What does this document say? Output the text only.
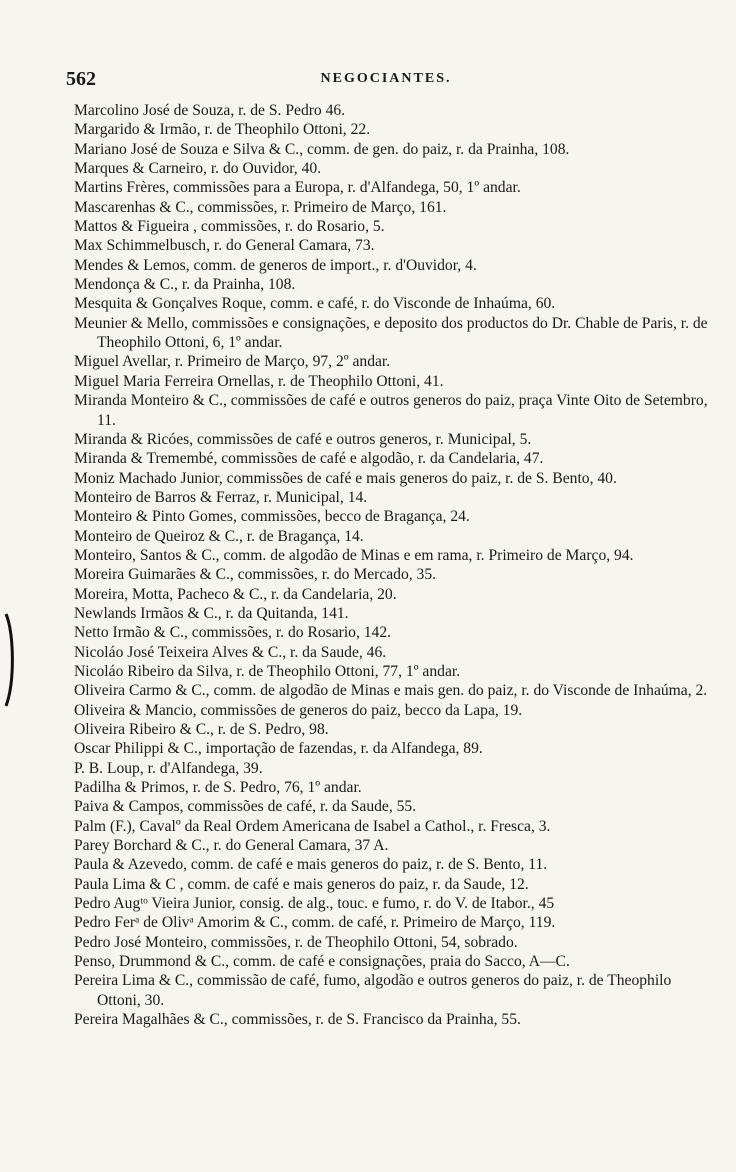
562	NEGOCIANTES.

Marcolino José de Souza, r. de S. Pedro 46.

Margarido & Irmão, r. de Theophilo Ottoni, 22.

Mariano José de Souza e Silva & C., comm. de gen. do paiz, r. da Prainha, 108.

Marques & Carneiro, r. do Ouvidor, 40.

Martins Frères, commissões para a Europa, r. d'Alfandega, 50, 1º andar.

Mascarenhas & C., commissões, r. Primeiro de Março, 161.

Mattos & Figueira , commissões, r. do Rosario, 5.

Max Schimmelbusch, r. do General Camara, 73.

Mendes & Lemos, comm. de generos de import., r. d'Ouvidor, 4.

Mendonça & C., r. da Prainha, 108.

Mesquita & Gonçalves Roque, comm. e café, r. do Visconde de Inhaúma, 60.

Meunier & Mello, commissões e consignações, e deposito dos productos do Dr. Chable de Paris, r. de Theophilo Ottoni, 6, 1º andar.

Miguel Avellar, r. Primeiro de Março, 97, 2º andar.

Miguel Maria Ferreira Ornellas, r. de Theophilo Ottoni, 41.

Miranda Monteiro & C., commissões de café e outros generos do paiz, praça Vinte Oito de Setembro, 11.

Miranda & Ricóes, commissões de café e outros generos, r. Municipal, 5.

Miranda & Tremembé, commissões de café e algodão, r. da Candelaria, 47.

Moniz Machado Junior, commissões de café e mais generos do paiz, r. de S. Bento, 40.

Monteiro de Barros & Ferraz, r. Municipal, 14.

Monteiro & Pinto Gomes, commissões, becco de Bragança, 24.

Monteiro de Queiroz & C., r. de Bragança, 14.

Monteiro, Santos & C., comm. de algodão de Minas e em rama, r. Primeiro de Março, 94.

Moreira Guimarães & C., commissões, r. do Mercado, 35.

Moreira, Motta, Pacheco & C., r. da Candelaria, 20.

Newlands Irmãos & C., r. da Quitanda, 141.

Netto Irmão & C., commissões, r. do Rosario, 142.

Nicoláo José Teixeira Alves & C., r. da Saude, 46.

Nicoláo Ribeiro da Silva, r. de Theophilo Ottoni, 77, 1º andar.

Oliveira Carmo & C., comm. de algodão de Minas e mais gen. do paiz, r. do Visconde de Inhaúma, 2.

Oliveira & Mancio, commissões de generos do paiz, becco da Lapa, 19.

Oliveira Ribeiro & C., r. de S. Pedro, 98.

Oscar Philippi & C., importação de fazendas, r. da Alfandega, 89.

P. B. Loup, r. d'Alfandega, 39.

Padilha & Primos, r. de S. Pedro, 76, 1º andar.

Paiva & Campos, commissões de café, r. da Saude, 55.

Palm (F.), Cavalº da Real Ordem Americana de Isabel a Cathol., r. Fresca, 3.

Parey Borchard & C., r. do General Camara, 37 A.

Paula & Azevedo, comm. de café e mais generos do paiz, r. de S. Bento, 11.

Paula Lima & C , comm. de café e mais generos do paiz, r. da Saude, 12.

Pedro Augᵗᵒ Vieira Junior, consig. de alg., touc. e fumo, r. do V. de Itabor., 45

Pedro Ferᵃ de Olivᵃ Amorim & C., comm. de café, r. Primeiro de Março, 119.

Pedro José Monteiro, commissões, r. de Theophilo Ottoni, 54, sobrado.

Penso, Drummond & C., comm. de café e consignações, praia do Sacco, A—C.

Pereira Lima & C., commissão de café, fumo, algodão e outros generos do paiz, r. de Theophilo Ottoni, 30.

Pereira Magalhães & C., commissões, r. de S. Francisco da Prainha, 55.
